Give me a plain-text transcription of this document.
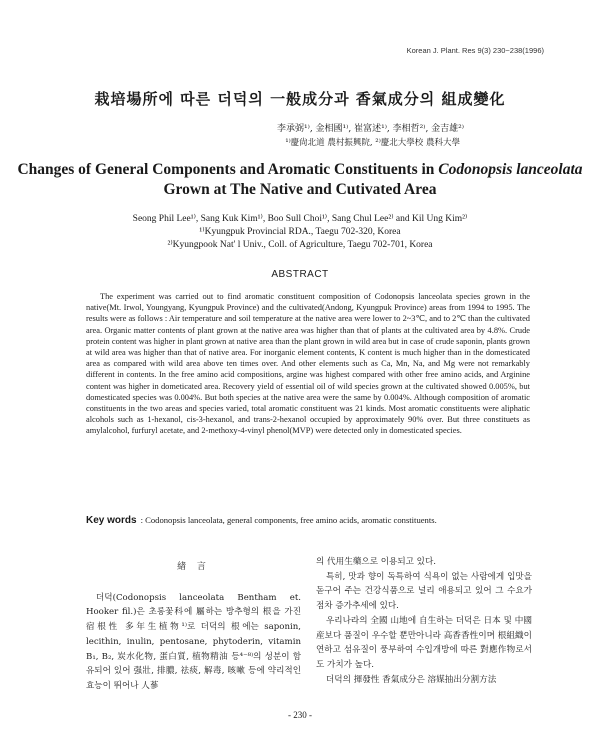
Korean J. Plant. Res 9(3) 230~238(1996)
栽培場所에 따른 더덕의 一般成分과 香氣成分의 組成變化
李承弼¹⁾, 金相國¹⁾, 崔富述¹⁾, 李相哲²⁾, 金吉雄²⁾
¹⁾慶尙北道 農村振興院, ²⁾慶北大學校 農科大學
Changes of General Components and Aromatic Constituents in Codonopsis lanceolata
Grown at The Native and Cutivated Area
Seong Phil Lee¹⁾, Sang Kuk Kim¹⁾, Boo Sull Choi¹⁾, Sang Chul Lee²⁾ and Kil Ung Kim²⁾
¹⁾Kyungpuk Provincial RDA., Taegu 702-320, Korea
²⁾Kyungpook Nat' l Univ., Coll. of Agriculture, Taegu 702-701, Korea
ABSTRACT
The experiment was carried out to find aromatic constituent composition of Codonopsis lanceolata species grown in the native(Mt. Irwol, Youngyang, Kyungpuk Province) and the cultivated(Andong, Kyungpuk Province) areas from 1994 to 1995. The results were as follows : Air temperature and soil temperature at the native area were lower to 2~3℃, and to 2℃ than the cultivated area. Organic matter contents of plant grown at the native area was higher than that of plants at the cultivated area by 4.8%. Crude protein content was higher in plant grown at native area than the plant grown in wild area but in case of crude saponin, plants grown at wild area was higher than that of native area. For inorganic element contents, K content is much higher than in the domesticated area as compared with wild area above ten times over. And other elements such as Ca, Mn, Na, and Mg were not remarkably different in contents. In the free amino acid compositions, argine was highest compared with other free amino acids, and Arginine content was higher in dometicated area. Recovery yield of essential oil of wild species grown at the cultivated showed 0.005%, but domesticated species was 0.004%. But both species at the native area were the same by 0.004%. Although composition of aromatic constituents in the two areas and species varied, total aromatic constituent was 21 kinds. Most aromatic constituents were aliphatic alcohols such as 1-hexanol, cis-3-hexanol, and trans-2-hexanol occupied by approximately 90% over. But three constituets as amylalcohol, furfuryl acetate, and 2-methoxy-4-vinyl phenol(MVP) were detected only in domesticated species.
Key words : Codonopsis lanceolata, general components, free amino acids, aromatic constituents.
緖 言
더덕(Codonopsis lanceolata Bentham et. Hooker fil.)은 초롱꽃科에 屬하는 방추형의 根을 가진 宿根性 多年生植物¹⁾로 더덕의 根에는 saponin, lecithin, inulin, pentosane, phytoderin, vitamin B₁, B₂, 炭水化物, 蛋白質, 植物精油 등⁴⁻⁸⁾의 성분이 함유되어 있어 强壯, 排膿, 祛痰, 解毒, 咳嗽 등에 약리적인 효능이 뛰어나 人蔘
의 代用生藥으로 이용되고 있다.
특히, 맛과 향이 독특하여 식욕이 없는 사람에게 입맛을 돋구어 주는 건강식품으로 널리 애용되고 있어 그 수요가 점차 증가추세에 있다.
우리나라의 全國 山地에 自生하는 더덕은 日本 및 中國産보다 품질이 우수할 뿐만아니라 高香香性이며 根組織이 연하고 섬유질이 풍부하여 수입개방에 따른 對應作物로서도 가치가 높다.
더덕의 揮發性 香氣成分은 溶媒抽出分割方法
- 230 -
